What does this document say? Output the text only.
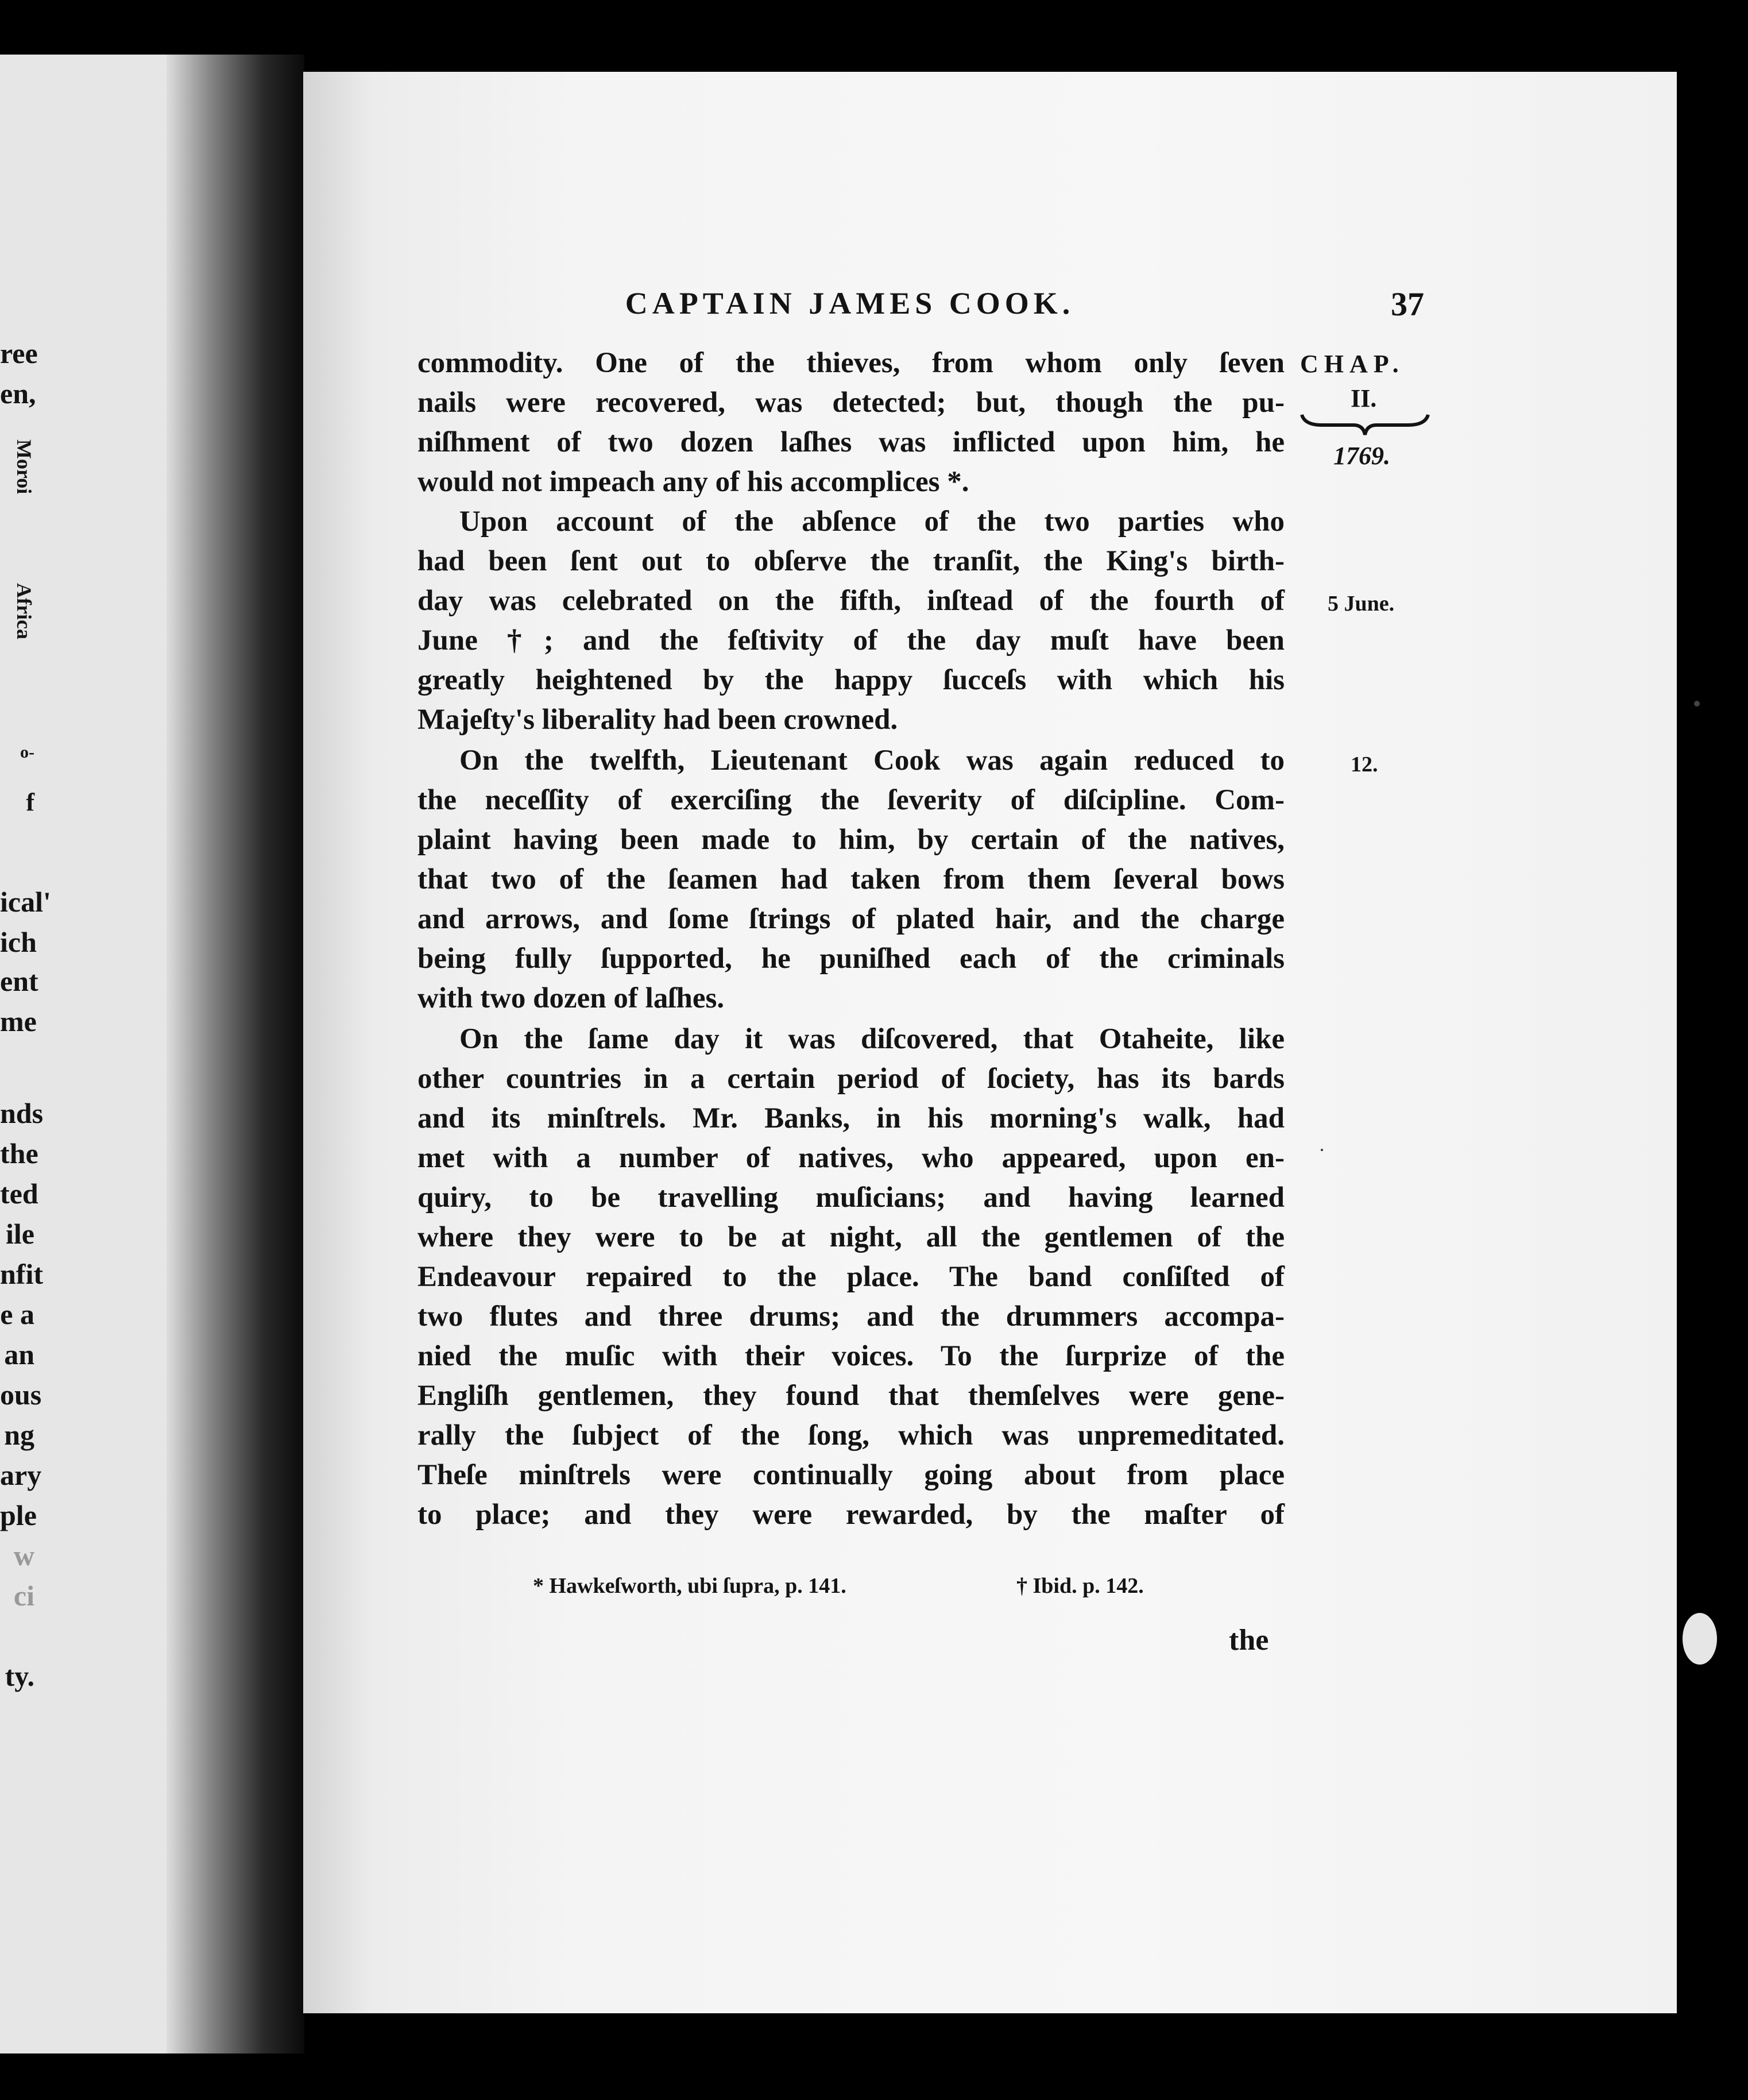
ree
en,
Moroi
Africa
o-
f
ical'
ich
ent
me
nds
the
ted
ile
nfit
e a
an
ous
ng
ary
ple
w
ci
ty.
CAPTAIN JAMES COOK.	37
CHAP.
II.
1769.
5 June.
12.
commodity. One of the thieves, from whom only ſeven
nails were recovered, was detected; but, though the pu-
niſhment of two dozen laſhes was inflicted upon him, he
would not impeach any of his accomplices *.
Upon account of the abſence of the two parties who
had been ſent out to obſerve the tranſit, the King's birth-
day was celebrated on the fifth, inſtead of the fourth of
June †; and the feſtivity of the day muſt have been
greatly heightened by the happy ſucceſs with which his
Majeſty's liberality had been crowned.
On the twelfth, Lieutenant Cook was again reduced to
the neceſſity of exerciſing the ſeverity of diſcipline. Com-
plaint having been made to him, by certain of the natives,
that two of the ſeamen had taken from them ſeveral bows
and arrows, and ſome ſtrings of plated hair, and the charge
being fully ſupported, he puniſhed each of the criminals
with two dozen of laſhes.
On the ſame day it was diſcovered, that Otaheite, like
other countries in a certain period of ſociety, has its bards
and its minſtrels. Mr. Banks, in his morning's walk, had
met with a number of natives, who appeared, upon en-
quiry, to be travelling muſicians; and having learned
where they were to be at night, all the gentlemen of the
Endeavour repaired to the place. The band conſiſted of
two flutes and three drums; and the drummers accompa-
nied the muſic with their voices. To the ſurprize of the
Engliſh gentlemen, they found that themſelves were gene-
rally the ſubject of the ſong, which was unpremeditated.
Theſe minſtrels were continually going about from place
to place; and they were rewarded, by the maſter of
* Hawkeſworth, ubi ſupra, p. 141.	† Ibid. p. 142.
the
